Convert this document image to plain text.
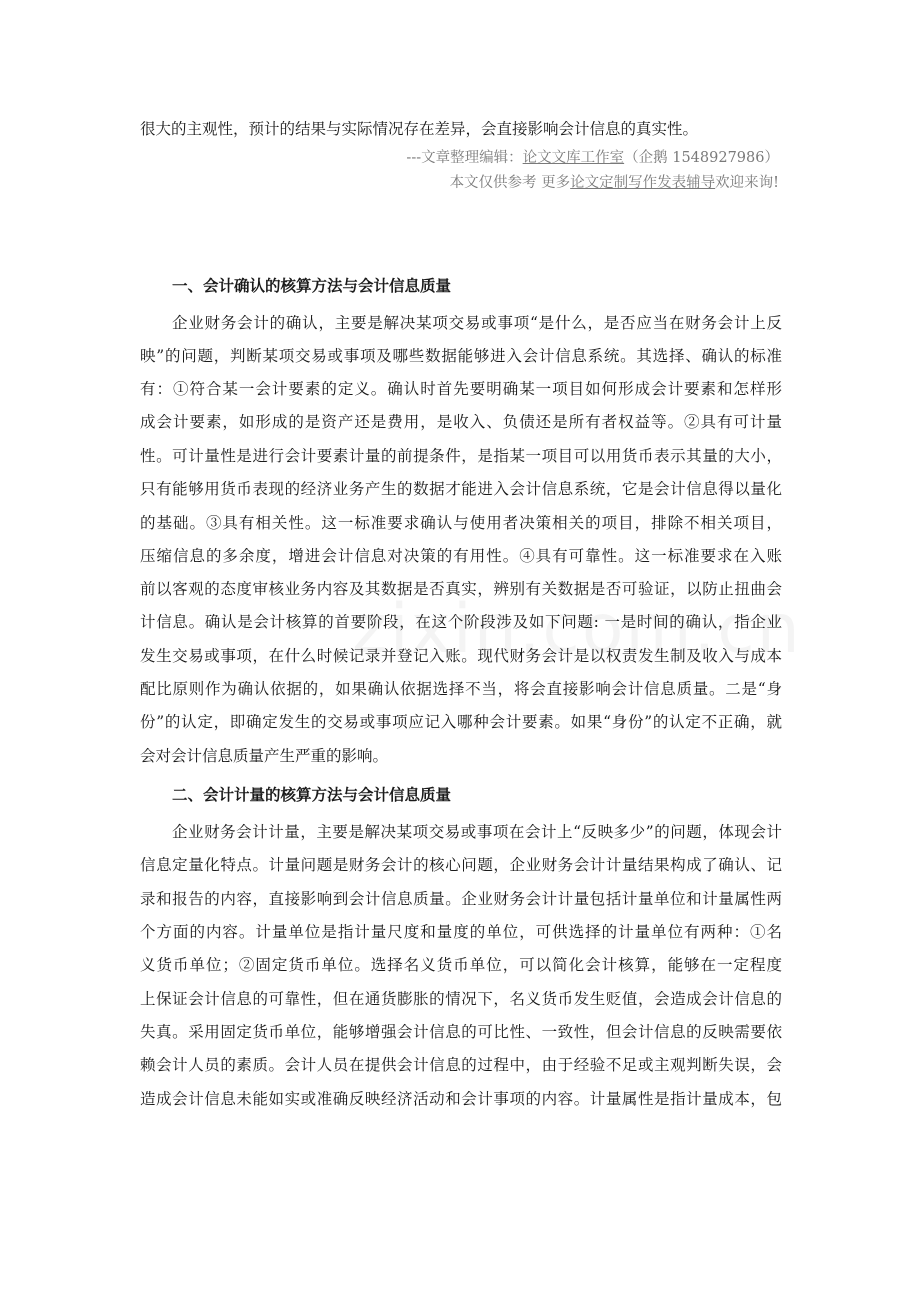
很大的主观性，预计的结果与实际情况存在差异，会直接影响会计信息的真实性。
---文章整理编辑：论文文库工作室（企鹅 1548927986）
本文仅供参考 更多论文定制写作发表辅导欢迎来询!
一、会计确认的核算方法与会计信息质量
企业财务会计的确认，主要是解决某项交易或事项“是什么，是否应当在财务会计上反
映”的问题，判断某项交易或事项及哪些数据能够进入会计信息系统。其选择、确认的标准
有：①符合某一会计要素的定义。确认时首先要明确某一项目如何形成会计要素和怎样形
成会计要素，如形成的是资产还是费用，是收入、负债还是所有者权益等。②具有可计量
性。可计量性是进行会计要素计量的前提条件，是指某一项目可以用货币表示其量的大小，
只有能够用货币表现的经济业务产生的数据才能进入会计信息系统，它是会计信息得以量化
的基础。③具有相关性。这一标准要求确认与使用者决策相关的项目，排除不相关项目，
压缩信息的多余度，增进会计信息对决策的有用性。④具有可靠性。这一标准要求在入账
前以客观的态度审核业务内容及其数据是否真实，辨别有关数据是否可验证，以防止扭曲会
计信息。确认是会计核算的首要阶段，在这个阶段涉及如下问题: 一是时间的确认，指企业
发生交易或事项，在什么时候记录并登记入账。现代财务会计是以权责发生制及收入与成本
配比原则作为确认依据的，如果确认依据选择不当，将会直接影响会计信息质量。二是“身
份”的认定，即确定发生的交易或事项应记入哪种会计要素。如果“身份”的认定不正确，就
会对会计信息质量产生严重的影响。
二、会计计量的核算方法与会计信息质量
企业财务会计计量，主要是解决某项交易或事项在会计上“反映多少”的问题，体现会计
信息定量化特点。计量问题是财务会计的核心问题，企业财务会计计量结果构成了确认、记
录和报告的内容，直接影响到会计信息质量。企业财务会计计量包括计量单位和计量属性两
个方面的内容。计量单位是指计量尺度和量度的单位，可供选择的计量单位有两种：①名
义货币单位；②固定货币单位。选择名义货币单位，可以简化会计核算，能够在一定程度
上保证会计信息的可靠性，但在通货膨胀的情况下，名义货币发生贬值，会造成会计信息的
失真。采用固定货币单位，能够增强会计信息的可比性、一致性，但会计信息的反映需要依
赖会计人员的素质。会计人员在提供会计信息的过程中，由于经验不足或主观判断失误，会
造成会计信息未能如实或准确反映经济活动和会计事项的内容。计量属性是指计量成本，包
